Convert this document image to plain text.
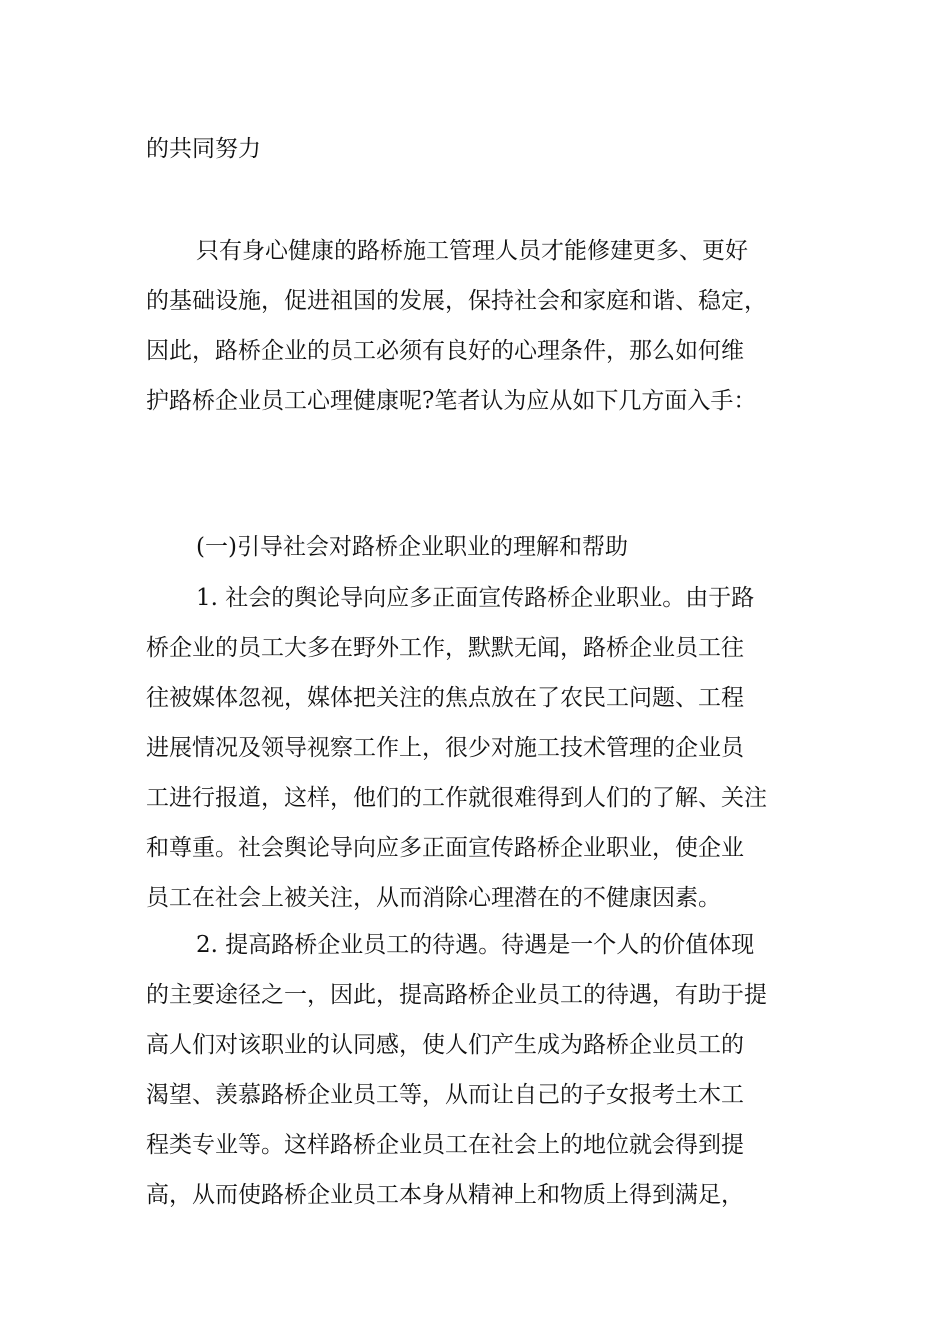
的共同努力
只有身心健康的路桥施工管理人员才能修建更多、更好
的基础设施，促进祖国的发展，保持社会和家庭和谐、稳定，
因此，路桥企业的员工必须有良好的心理条件，那么如何维
护路桥企业员工心理健康呢?笔者认为应从如下几方面入手：
(一)引导社会对路桥企业职业的理解和帮助
1. 社会的舆论导向应多正面宣传路桥企业职业。由于路
桥企业的员工大多在野外工作，默默无闻，路桥企业员工往
往被媒体忽视，媒体把关注的焦点放在了农民工问题、工程
进展情况及领导视察工作上，很少对施工技术管理的企业员
工进行报道，这样，他们的工作就很难得到人们的了解、关注
和尊重。社会舆论导向应多正面宣传路桥企业职业，使企业
员工在社会上被关注，从而消除心理潜在的不健康因素。
2. 提高路桥企业员工的待遇。待遇是一个人的价值体现
的主要途径之一，因此，提高路桥企业员工的待遇，有助于提
高人们对该职业的认同感，使人们产生成为路桥企业员工的
渴望、羡慕路桥企业员工等，从而让自己的子女报考土木工
程类专业等。这样路桥企业员工在社会上的地位就会得到提
高，从而使路桥企业员工本身从精神上和物质上得到满足，
